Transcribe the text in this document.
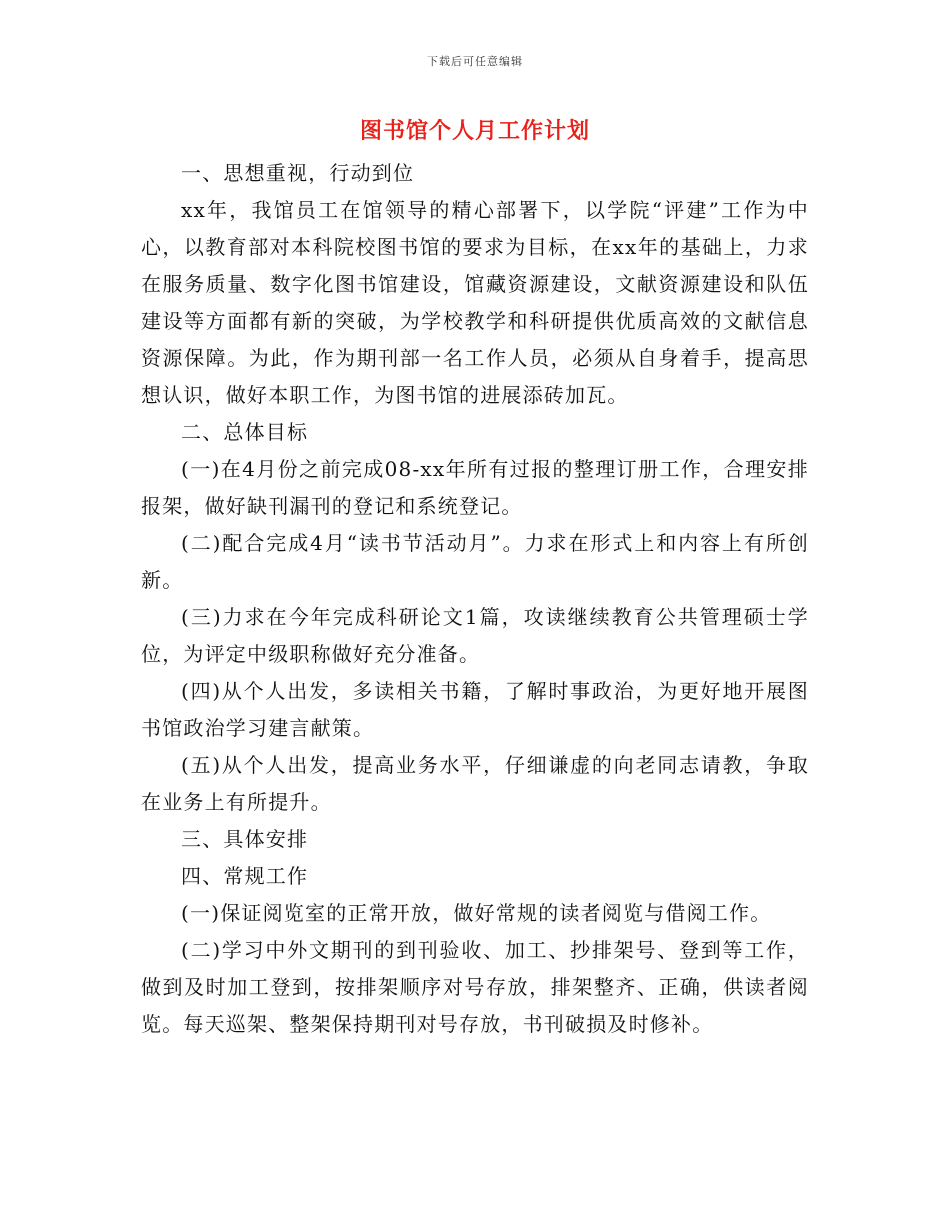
下载后可任意编辑
图书馆个人月工作计划

一、思想重视，行动到位

xx年，我馆员工在馆领导的精心部署下，以学院“评建”工作为中心，以教育部对本科院校图书馆的要求为目标，在xx年的基础上，力求在服务质量、数字化图书馆建设，馆藏资源建设，文献资源建设和队伍建设等方面都有新的突破，为学校教学和科研提供优质高效的文献信息资源保障。为此，作为期刊部一名工作人员，必须从自身着手，提高思想认识，做好本职工作，为图书馆的进展添砖加瓦。

二、总体目标

(一)在4月份之前完成08-xx年所有过报的整理订册工作，合理安排报架，做好缺刊漏刊的登记和系统登记。

(二)配合完成4月“读书节活动月”。力求在形式上和内容上有所创新。

(三)力求在今年完成科研论文1篇，攻读继续教育公共管理硕士学位，为评定中级职称做好充分准备。

(四)从个人出发，多读相关书籍，了解时事政治，为更好地开展图书馆政治学习建言献策。

(五)从个人出发，提高业务水平，仔细谦虚的向老同志请教，争取在业务上有所提升。

三、具体安排

四、常规工作

(一)保证阅览室的正常开放，做好常规的读者阅览与借阅工作。

(二)学习中外文期刊的到刊验收、加工、抄排架号、登到等工作，做到及时加工登到，按排架顺序对号存放，排架整齐、正确，供读者阅览。每天巡架、整架保持期刊对号存放，书刊破损及时修补。
